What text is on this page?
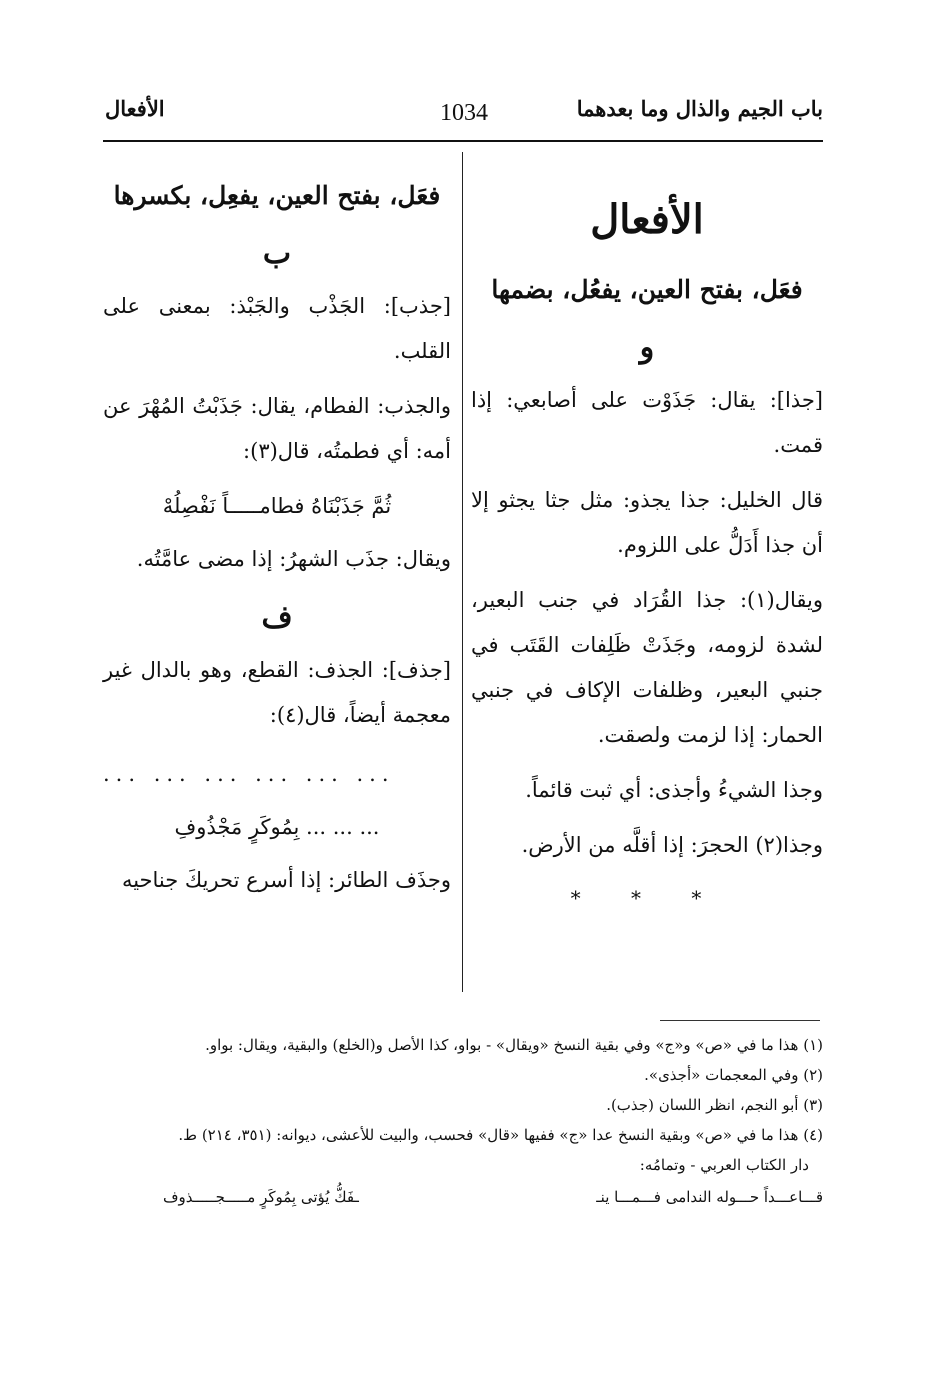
باب الجيم والذال وما بعدهما
1034
الأفعال
الأفعال
فعَل، بفتح العين، يفعُل، بضمها
و

[جذا]: يقال: جَذَوْت على أصابعي: إذا قمت.

قال الخليل: جذا يجذو: مثل جثا يجثو إلا أن جذا أَدَلُّ على اللزوم.

ويقال(١): جذا القُرَاد في جنب البعير، لشدة لزومه، وجَذَتْ ظَلِفات القَتَب في جنبي البعير، وظلفات الإكاف في جنبي الحمار: إذا لزمت ولصقت.

وجذا الشيءُ وأجذى: أي ثبت قائماً.

وجذا(٢) الحجرَ: إذا أقلَّه من الأرض.

* * *
فعَل، بفتح العين، يفعِل، بكسرها
ب

[جذب]: الجَذْب والجَبْذ: بمعنى على القلب.

والجذب: الفطام، يقال: جَذَبْتُ المُهْرَ عن أمه: أي فطمتُه، قال(٣):

ثُمَّ جَذَبْنَاهُ فطامـــــاً نَفْصِلُهْ

ويقال: جذَب الشهرُ: إذا مضى عامَّتُه.

ف

[جذف]: الجذف: القطع، وهو بالدال غير معجمة أيضاً، قال(٤):

... ... ... ... ... ...
... ... ... بِمُوكَرٍ مَجْذُوفِ

وجذَف الطائر: إذا أسرع تحريكَ جناحيه

(١) هذا ما في «ص» و«ج» وفي بقية النسخ «ويقال» - بواو، كذا الأصل و(الخلع) والبقية، ويقال: بواو.
(٢) وفي المعجمات «أجذى».
(٣) أبو النجم، انظر اللسان (جذب).
(٤) هذا ما في «ص» وبقية النسخ عدا «ج» ففيها «قال» فحسب، والبيت للأعشى، ديوانه: (٣٥١، ٢١٤) ط.
دار الكتاب العربي - وتمامُه:
قـــاعـــداً حـــوله الندامى فـــمـــا ينـ
ـفَكُّ يُؤتى بِمُوكَرٍ مـــــجـــــذوف
